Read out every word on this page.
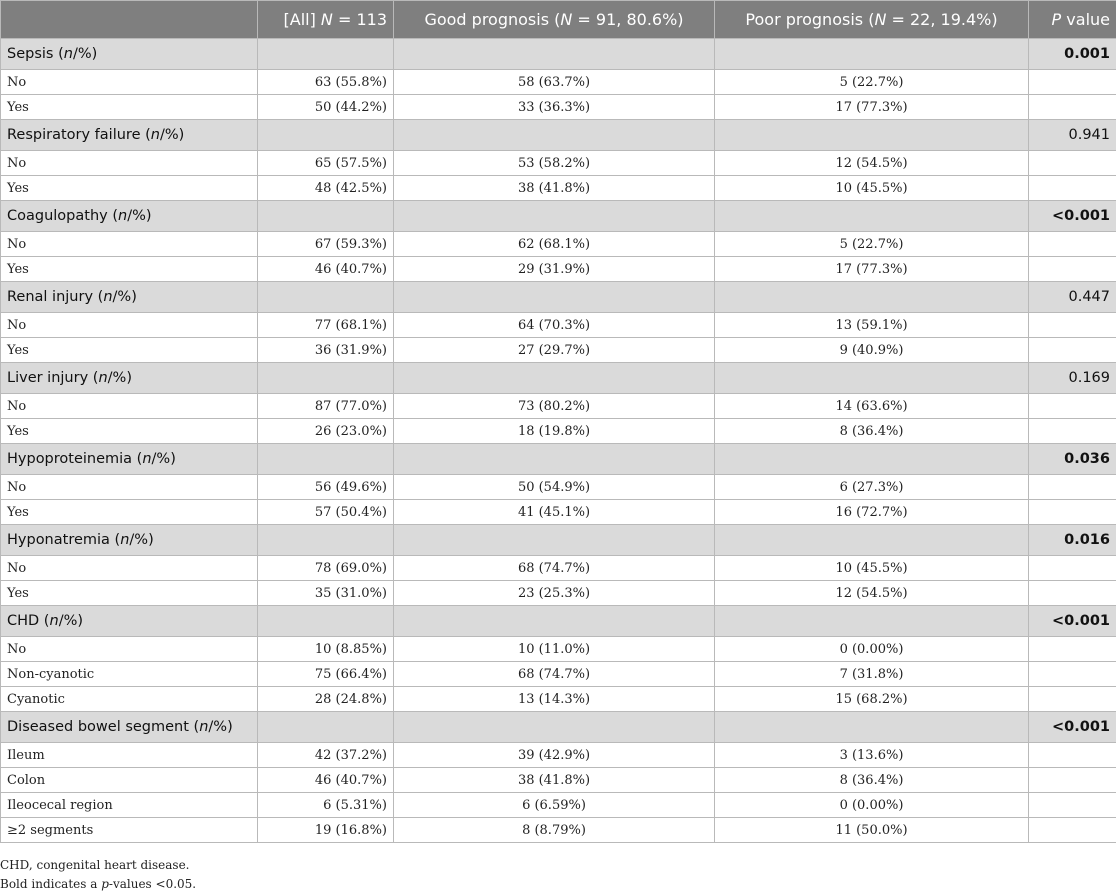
	[All] N = 113	Good prognosis (N = 91, 80.6%)	Poor prognosis (N = 22, 19.4%)	P value
Sepsis (n/%)				0.001
No	63 (55.8%)	58 (63.7%)	5 (22.7%)	
Yes	50 (44.2%)	33 (36.3%)	17 (77.3%)	
Respiratory failure (n/%)				0.941
No	65 (57.5%)	53 (58.2%)	12 (54.5%)	
Yes	48 (42.5%)	38 (41.8%)	10 (45.5%)	
Coagulopathy (n/%)				<0.001
No	67 (59.3%)	62 (68.1%)	5 (22.7%)	
Yes	46 (40.7%)	29 (31.9%)	17 (77.3%)	
Renal injury (n/%)				0.447
No	77 (68.1%)	64 (70.3%)	13 (59.1%)	
Yes	36 (31.9%)	27 (29.7%)	9 (40.9%)	
Liver injury (n/%)				0.169
No	87 (77.0%)	73 (80.2%)	14 (63.6%)	
Yes	26 (23.0%)	18 (19.8%)	8 (36.4%)	
Hypoproteinemia (n/%)				0.036
No	56 (49.6%)	50 (54.9%)	6 (27.3%)	
Yes	57 (50.4%)	41 (45.1%)	16 (72.7%)	
Hyponatremia (n/%)				0.016
No	78 (69.0%)	68 (74.7%)	10 (45.5%)	
Yes	35 (31.0%)	23 (25.3%)	12 (54.5%)	
CHD (n/%)				<0.001
No	10 (8.85%)	10 (11.0%)	0 (0.00%)	
Non-cyanotic	75 (66.4%)	68 (74.7%)	7 (31.8%)	
Cyanotic	28 (24.8%)	13 (14.3%)	15 (68.2%)	
Diseased bowel segment (n/%)				<0.001
Ileum	42 (37.2%)	39 (42.9%)	3 (13.6%)	
Colon	46 (40.7%)	38 (41.8%)	8 (36.4%)	
Ileocecal region	6 (5.31%)	6 (6.59%)	0 (0.00%)	
≥2 segments	19 (16.8%)	8 (8.79%)	11 (50.0%)	
CHD, congenital heart disease.
Bold indicates a p-values <0.05.
